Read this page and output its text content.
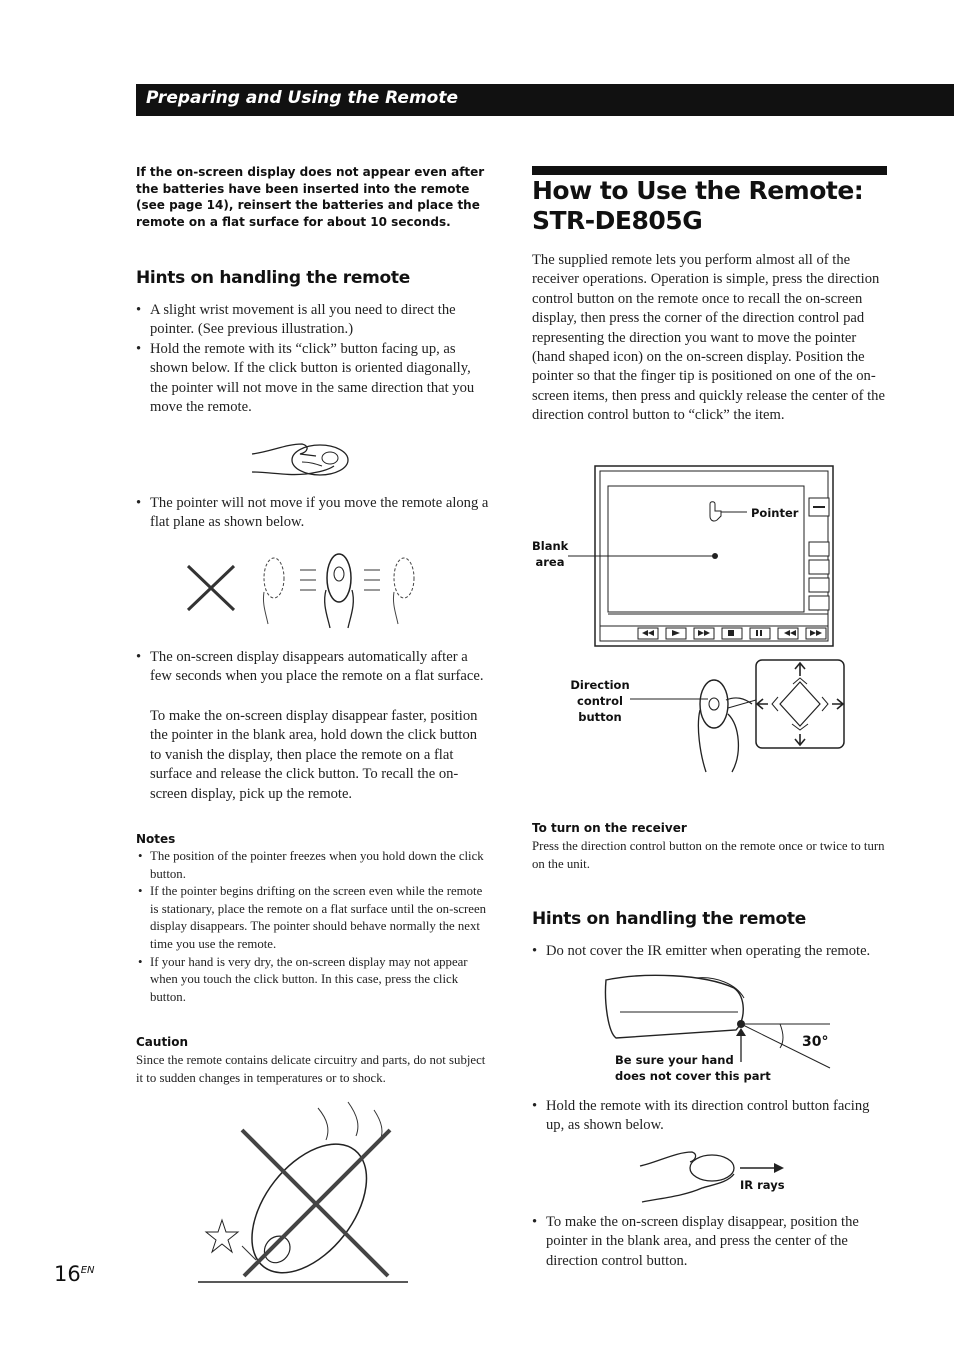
Preparing and Using the Remote
If the on-screen display does not appear even after the batteries have been inserted into the remote (see page 14), reinsert the batteries and place the remote on a flat surface for about 10 seconds.
Hints on handling the remote
• A slight wrist movement is all you need to direct the pointer. (See previous illustration.)
• Hold the remote with its “click” button facing up, as shown below. If the click button is oriented diagonally, the pointer will not move in the same direction that you move the remote.
• The pointer will not move if you move the remote along a flat plane as shown below.
• The on-screen display disappears automatically after a few seconds when you place the remote on a flat surface.

To make the on-screen display disappear faster, position the pointer in the blank area, hold down the click button to vanish the display, then place the remote on a flat surface and release the click button. To recall the on-screen display, pick up the remote.

Notes
• The position of the pointer freezes when you hold down the click button.
• If the pointer begins drifting on the screen even while the remote is stationary, place the remote on a flat surface until the on-screen display disappears. The pointer should behave normally the next time you use the remote.
• If your hand is very dry, the on-screen display may not appear when you touch the click button. In this case, press the click button.
Caution

Since the remote contains delicate circuitry and parts, do not subject it to sudden changes in temperatures or to shock.

How to Use the Remote:
STR-DE805G

The supplied remote lets you perform almost all of the receiver operations. Operation is simple, press the direction control button on the remote once to recall the on-screen display, then press the corner of the direction control pad representing the direction you want to move the pointer (hand shaped icon) on the on-screen display. Position the pointer so that the finger tip is positioned on one of the on-screen items, then press and quickly release the center of the direction control button to “click” the item.

Pointer
Blank
area
Direction
control
button
To turn on the receiver

Press the direction control button on the remote once or twice to turn on the unit.

Hints on handling the remote
• Do not cover the IR emitter when operating the remote.
30°
Be sure your hand
does not cover this part
• Hold the remote with its direction control button facing up, as shown below.
IR rays
• To make the on-screen display disappear, position the pointer in the blank area, and press the center of the direction control button.
$16^{EN}$
